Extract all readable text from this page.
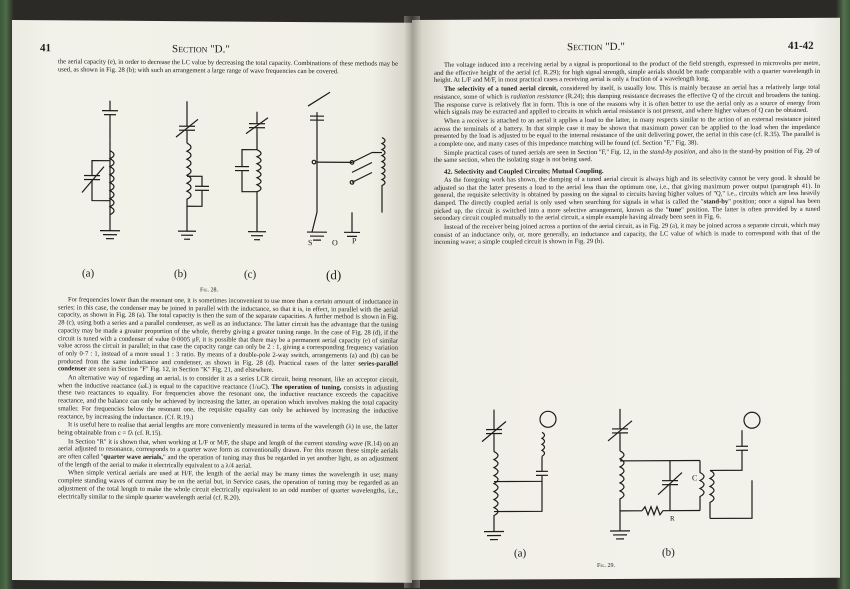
41	Section "D."

the aerial capacity (e), in order to decrease the LC value by decreasing the total capacity. Combinations of these methods may be used, as shown in Fig. 28 (b); with such an arrangement a large range of wave frequencies can be covered.

(a)	(b)	(c)	(d)
S O P
Fig. 28.

For frequencies lower than the resonant one, it is sometimes inconvenient to use more than a certain amount of inductance in series; in this case, the condenser may be joined in parallel with the inductance, so that it is, in effect, in parallel with the aerial capacity, as shown in Fig. 28 (a). The total capacity is then the sum of the separate capacities. A further method is shown in Fig. 28 (c), using both a series and a parallel condenser, as well as an inductance. The latter circuit has the advantage that the tuning capacity may be made a greater proportion of the whole, thereby giving a greater tuning range. In the case of Fig. 28 (d), if the circuit is tuned with a condenser of value 0·0005 μF, it is possible that there may be a permanent aerial capacity (e) of similar value across the circuit in parallel; in that case the capacity range can only be 2 : 1, giving a corresponding frequency variation of only 0·7 : 1, instead of a more usual 1 : 3 ratio. By means of a double-pole 2-way switch, arrangements (a) and (b) can be produced from the same inductance and condenser, as shown in Fig. 28 (d). Practical cases of the latter series-parallel condenser are seen in Section "F" Fig. 12, in Section "K" Fig. 21, and elsewhere.

An alternative way of regarding an aerial, is to consider it as a series LCR circuit, being resonant, like an acceptor circuit, when the inductive reactance (ωL) is equal to the capacitive reactance (1/ωC). The operation of tuning, consists in adjusting these two reactances to equality. For frequencies above the resonant one, the inductive reactance exceeds the capacitive reactance, and the balance can only be achieved by increasing the latter, an operation which involves making the total capacity smaller. For frequencies below the resonant one, the requisite equality can only be achieved by increasing the inductive reactance, by increasing the inductance. (Cf. R.19.)

It is useful here to realise that aerial lengths are more conveniently measured in terms of the wavelength (λ) in use, the latter being obtainable from c = fλ (cf. R.15).

In Section "R" it is shown that, when working at L/F or M/F, the shape and length of the current standing wave (R.14) on an aerial adjusted to resonance, corresponds to a quarter wave form as conventionally drawn. For this reason these simple aerials are often called "quarter wave aerials," and the operation of tuning may thus be regarded in yet another light, as an adjustment of the length of the aerial to make it electrically equivalent to a λ/4 aerial.

When simple vertical aerials are used at H/F, the length of the aerial may be many times the wavelength in use; many complete standing waves of current may be on the aerial but, in Service cases, the operation of tuning may be regarded as an adjustment of the total length to make the whole circuit electrically equivalent to an odd number of quarter wavelengths, i.e., electrically similar to the simple quarter wavelength aerial (cf. R.20).

Section "D."	41-42

The voltage induced into a receiving aerial by a signal is proportional to the product of the field strength, expressed in microvolts per metre, and the effective height of the aerial (cf. R.29); for high signal strength, simple aerials should be made comparable with a quarter wavelength in height. At L/F and M/F, in most practical cases a receiving aerial is only a fraction of a wavelength long.

The selectivity of a tuned aerial circuit, considered by itself, is usually low. This is mainly because an aerial has a relatively large total resistance, some of which is radiation resistance (R.24); this damping resistance decreases the effective Q of the circuit and broadens the tuning. The response curve is relatively flat in form. This is one of the reasons why it is often better to use the aerial only as a source of energy from which signals may be extracted and applied to circuits in which aerial resistance is not present, and where higher values of Q can be obtained.

When a receiver is attached to an aerial it applies a load to the latter, in many respects similar to the action of an external resistance joined across the terminals of a battery. In that simple case it may be shown that maximum power can be applied to the load when the impedance presented by the load is adjusted to be equal to the internal resistance of the unit delivering power, the aerial in this case (cf. R.35). The parallel is a complete one, and many cases of this impedance matching will be found (cf. Section "F," Fig. 38).

Simple practical cases of tuned aerials are seen in Section "F," Fig. 12, in the stand-by position, and also in the stand-by position of Fig. 29 of the same section, when the isolating stage is not being used.

42. Selectivity and Coupled Circuits; Mutual Coupling.

As the foregoing work has shown, the damping of a tuned aerial circuit is always high and its selectivity cannot be very good. It should be adjusted so that the latter presents a load to the aerial less than the optimum one, i.e., that giving maximum power output (paragraph 41). In general, the requisite selectivity is obtained by passing on the signal to circuits having higher values of "Q," i.e., circuits which are less heavily damped. The directly coupled aerial is only used when searching for signals in what is called the "stand-by" position; once a signal has been picked up, the circuit is switched into a more selective arrangement, known as the "tune" position. The latter is often provided by a tuned secondary circuit coupled mutually to the aerial circuit, a simple example having already been seen in Fig. 6.

Instead of the receiver being joined across a portion of the aerial circuit, as in Fig. 29 (a), it may be joined across a separate circuit, which may consist of an inductance only, or, more generally, an inductance and capacity, the LC value of which is made to correspond with that of the incoming wave; a simple coupled circuit is shown in Fig. 29 (b).

(a)	(b)
C
R
Fig. 29.
